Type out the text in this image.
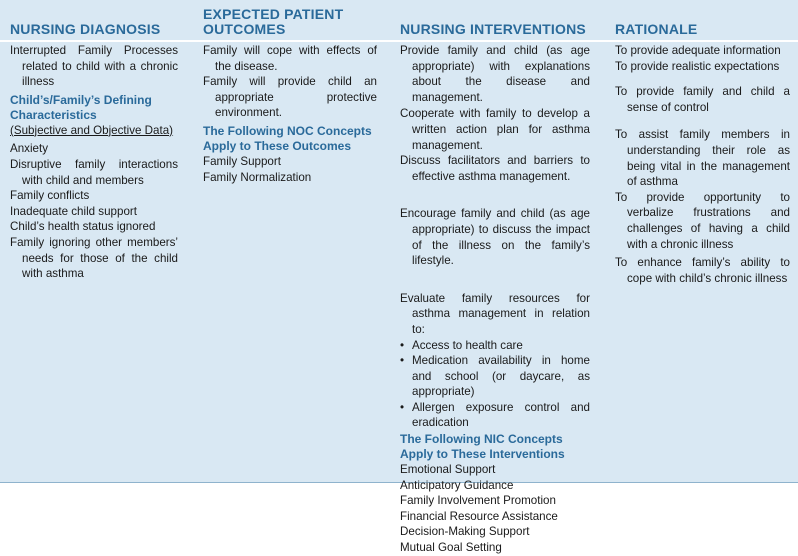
NURSING DIAGNOSIS
EXPECTED PATIENT
OUTCOMES	NURSING INTERVENTIONS RATIONALE
Interrupted Family Processes related to child with a chronic illness
Child’s/Family’s Defining Characteristics
(Subjective and Objective Data)
Anxiety
Disruptive family interactions with child and members
Family conflicts
Inadequate child support
Child’s health status ignored
Family ignoring other members’ needs for those of the child with asthma
Family will cope with effects of the disease.
Family will provide child an appropriate protective environment.
The Following NOC Concepts Apply to These Outcomes
Family Support
Family Normalization
Provide family and child (as age appropriate) with explanations about the disease and management.
Cooperate with family to develop a written action plan for asthma management.
Discuss facilitators and barriers to effective asthma management.
Encourage family and child (as age appropriate) to discuss the impact of the illness on the family’s lifestyle.
Evaluate family resources for asthma management in relation to:
• Access to health care
• Medication availability in home and school (or daycare, as appropriate)
• Allergen exposure control and eradication
The Following NIC Concepts Apply to These Interventions
Emotional Support
Anticipatory Guidance
Family Involvement Promotion
Financial Resource Assistance
Decision-Making Support
Mutual Goal Setting
To provide adequate information
To provide realistic expectations
To provide family and child a sense of control
To assist family members in understanding their role as being vital in the management of asthma
To provide opportunity to verbalize frustrations and challenges of having a child with a chronic illness
To enhance family’s ability to cope with child’s chronic illness
